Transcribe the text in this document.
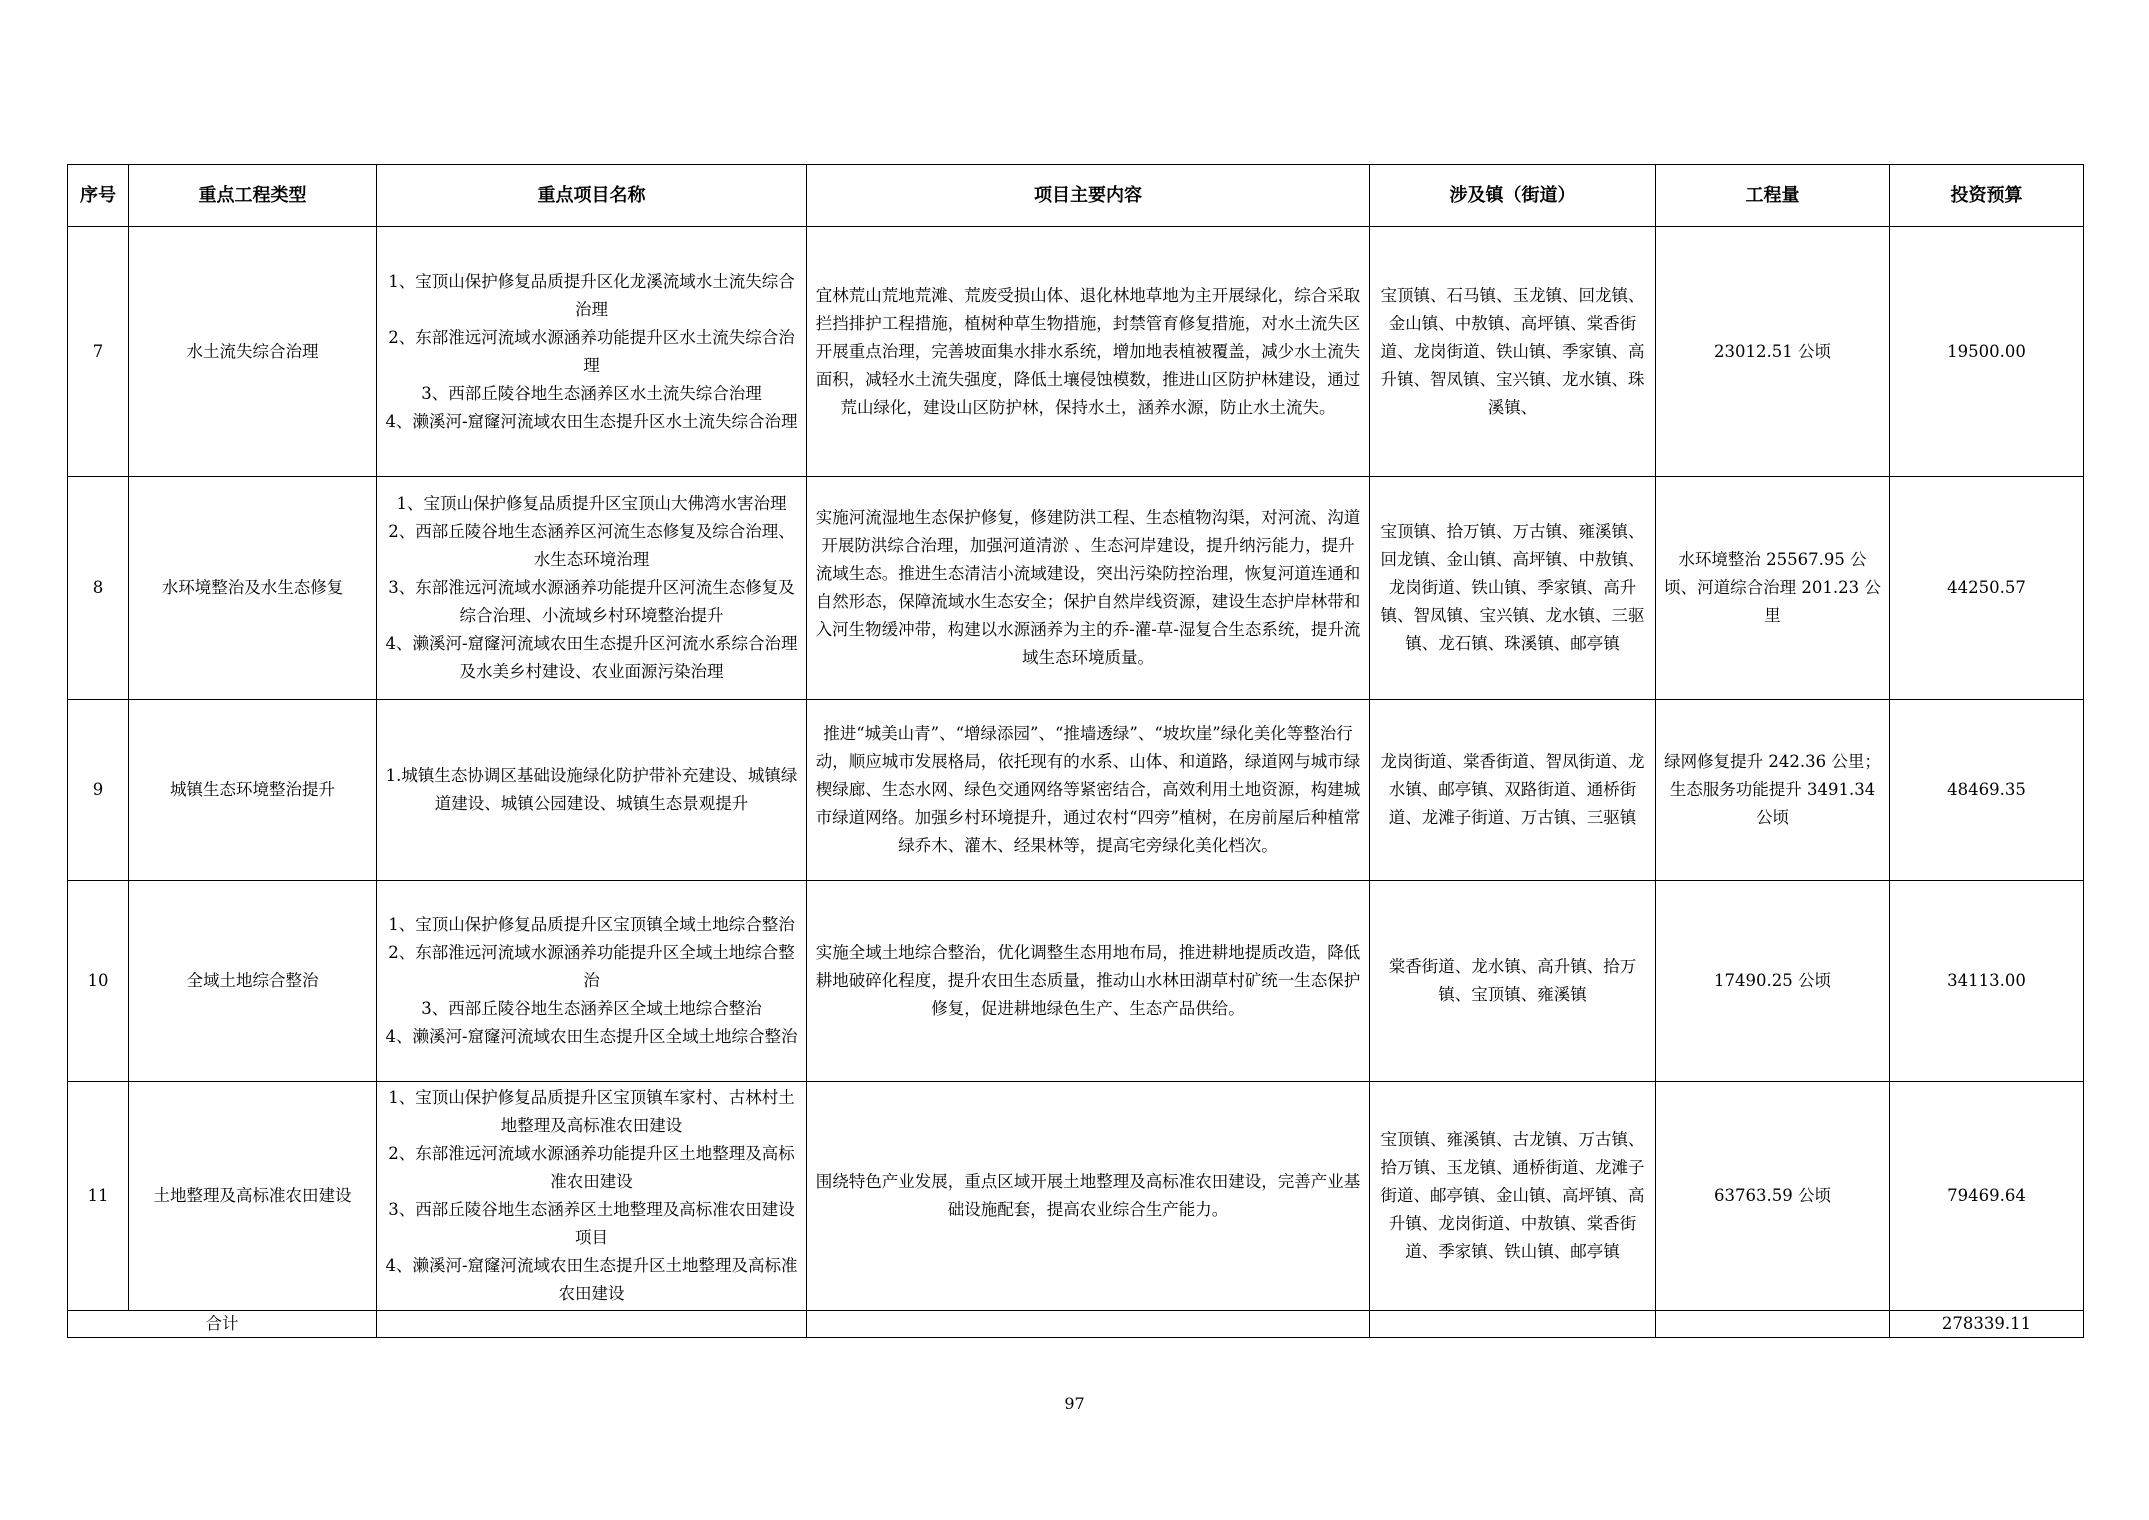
序号	重点工程类型	重点项目名称	项目主要内容	涉及镇（街道）	工程量	投资预算
7	水土流失综合治理	1、宝顶山保护修复品质提升区化龙溪流域水土流失综合治理
2、东部淮远河流域水源涵养功能提升区水土流失综合治理
3、西部丘陵谷地生态涵养区水土流失综合治理
4、濑溪河-窟窿河流域农田生态提升区水土流失综合治理	宜林荒山荒地荒滩、荒废受损山体、退化林地草地为主开展绿化，综合采取拦挡排护工程措施，植树种草生物措施，封禁管育修复措施，对水土流失区开展重点治理，完善坡面集水排水系统，增加地表植被覆盖，减少水土流失面积，减轻水土流失强度，降低土壤侵蚀模数，推进山区防护林建设，通过荒山绿化，建设山区防护林，保持水土，涵养水源，防止水土流失。	宝顶镇、石马镇、玉龙镇、回龙镇、金山镇、中敖镇、高坪镇、棠香街道、龙岗街道、铁山镇、季家镇、高升镇、智凤镇、宝兴镇、龙水镇、珠溪镇、	23012.51 公顷	19500.00
8	水环境整治及水生态修复	1、宝顶山保护修复品质提升区宝顶山大佛湾水害治理
2、西部丘陵谷地生态涵养区河流生态修复及综合治理、水生态环境治理
3、东部淮远河流域水源涵养功能提升区河流生态修复及综合治理、小流域乡村环境整治提升
4、濑溪河-窟窿河流域农田生态提升区河流水系综合治理及水美乡村建设、农业面源污染治理	实施河流湿地生态保护修复，修建防洪工程、生态植物沟渠，对河流、沟道开展防洪综合治理，加强河道清淤 、生态河岸建设，提升纳污能力，提升流域生态。推进生态清洁小流域建设，突出污染防控治理，恢复河道连通和自然形态，保障流域水生态安全；保护自然岸线资源，建设生态护岸林带和入河生物缓冲带，构建以水源涵养为主的乔-灌-草-湿复合生态系统，提升流域生态环境质量。	宝顶镇、拾万镇、万古镇、雍溪镇、回龙镇、金山镇、高坪镇、中敖镇、龙岗街道、铁山镇、季家镇、高升镇、智凤镇、宝兴镇、龙水镇、三驱镇、龙石镇、珠溪镇、邮亭镇	水环境整治 25567.95 公顷、河道综合治理 201.23 公里	44250.57
9	城镇生态环境整治提升	1.城镇生态协调区基础设施绿化防护带补充建设、城镇绿道建设、城镇公园建设、城镇生态景观提升	推进“城美山青”、“增绿添园”、“推墙透绿”、“坡坎崖”绿化美化等整治行动，顺应城市发展格局，依托现有的水系、山体、和道路，绿道网与城市绿楔绿廊、生态水网、绿色交通网络等紧密结合，高效利用土地资源，构建城市绿道网络。加强乡村环境提升，通过农村“四旁”植树，在房前屋后种植常绿乔木、灌木、经果林等，提高宅旁绿化美化档次。	龙岗街道、棠香街道、智凤街道、龙水镇、邮亭镇、双路街道、通桥街道、龙滩子街道、万古镇、三驱镇	绿网修复提升 242.36 公里；生态服务功能提升 3491.34 公顷	48469.35
10	全域土地综合整治	1、宝顶山保护修复品质提升区宝顶镇全域土地综合整治
2、东部淮远河流域水源涵养功能提升区全域土地综合整治
3、西部丘陵谷地生态涵养区全域土地综合整治
4、濑溪河-窟窿河流域农田生态提升区全域土地综合整治	实施全域土地综合整治，优化调整生态用地布局，推进耕地提质改造，降低耕地破碎化程度，提升农田生态质量，推动山水林田湖草村矿统一生态保护修复，促进耕地绿色生产、生态产品供给。	棠香街道、龙水镇、高升镇、拾万镇、宝顶镇、雍溪镇	17490.25 公顷	34113.00
11	土地整理及高标准农田建设	1、宝顶山保护修复品质提升区宝顶镇车家村、古林村土地整理及高标准农田建设
2、东部淮远河流域水源涵养功能提升区土地整理及高标准农田建设
3、西部丘陵谷地生态涵养区土地整理及高标准农田建设项目
4、濑溪河-窟窿河流域农田生态提升区土地整理及高标准农田建设	围绕特色产业发展，重点区域开展土地整理及高标准农田建设，完善产业基础设施配套，提高农业综合生产能力。	宝顶镇、雍溪镇、古龙镇、万古镇、拾万镇、玉龙镇、通桥街道、龙滩子街道、邮亭镇、金山镇、高坪镇、高升镇、龙岗街道、中敖镇、棠香街道、季家镇、铁山镇、邮亭镇	63763.59 公顷	79469.64
合计						278339.11
97
